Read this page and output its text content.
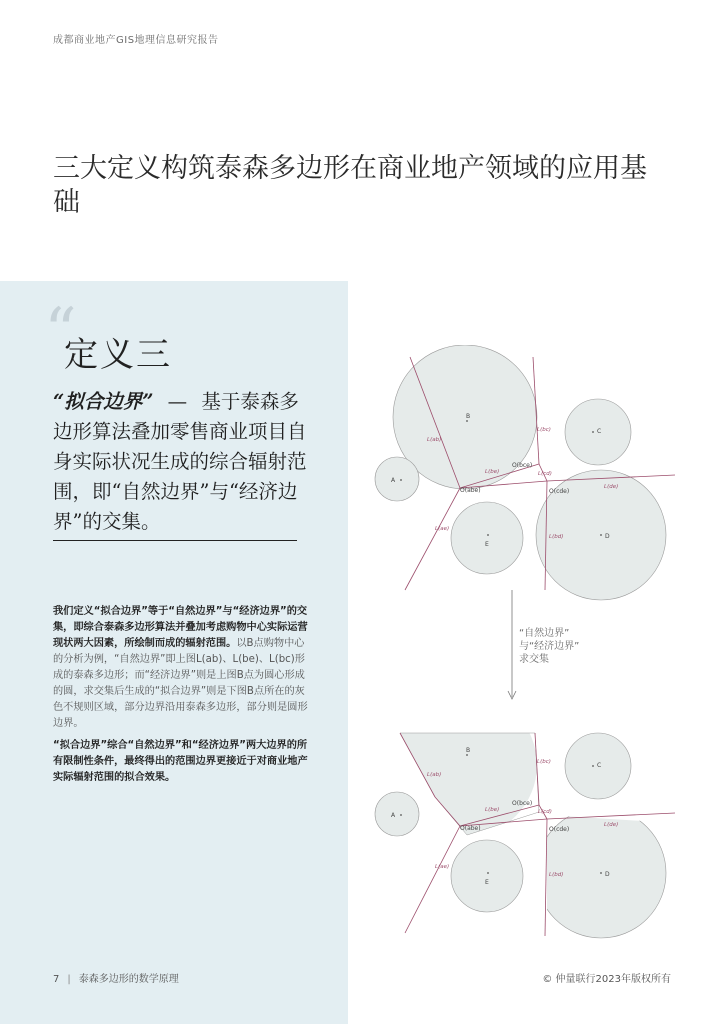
成都商业地产GIS地理信息研究报告
三大定义构筑泰森多边形在商业地产领域的应用基础
“
定义三
“拟合边界” — 基于泰森多边形算法叠加零售商业项目自身实际状况生成的综合辐射范围，即“自然边界”与“经济边界”的交集。

我们定义“拟合边界”等于“自然边界”与“经济边界”的交集，即综合泰森多边形算法并叠加考虑购物中心实际运营现状两大因素，所绘制而成的辐射范围。以B点购物中心的分析为例，“自然边界”即上图L(ab)、L(be)、L(bc)形成的泰森多边形；而“经济边界”则是上图B点为圆心形成的圆，求交集后生成的“拟合边界”则是下图B点所在的灰色不规则区域，部分边界沿用泰森多边形，部分则是圆形边界。

“拟合边界”综合“自然边界”和“经济边界”两大边界的所有限制性条件，最终得出的范围边界更接近于对商业地产实际辐射范围的拟合效果。

B
C
A
E
D
O(bce)
O(abe)	O(cde)
L(ab)
L(bc)
L(be)	L(cd)
L(de)
L(ae)
L(bd)
B
C
A
E
D
O(bce)
O(abe)	O(cde)
L(ab)
L(bc)
L(be)	L(cd)
L(de)
L(ae)
L(bd)
“自然边界”
与“经济边界”
求交集
7 | 泰森多边形的数学原理	© 仲量联行2023年版权所有
